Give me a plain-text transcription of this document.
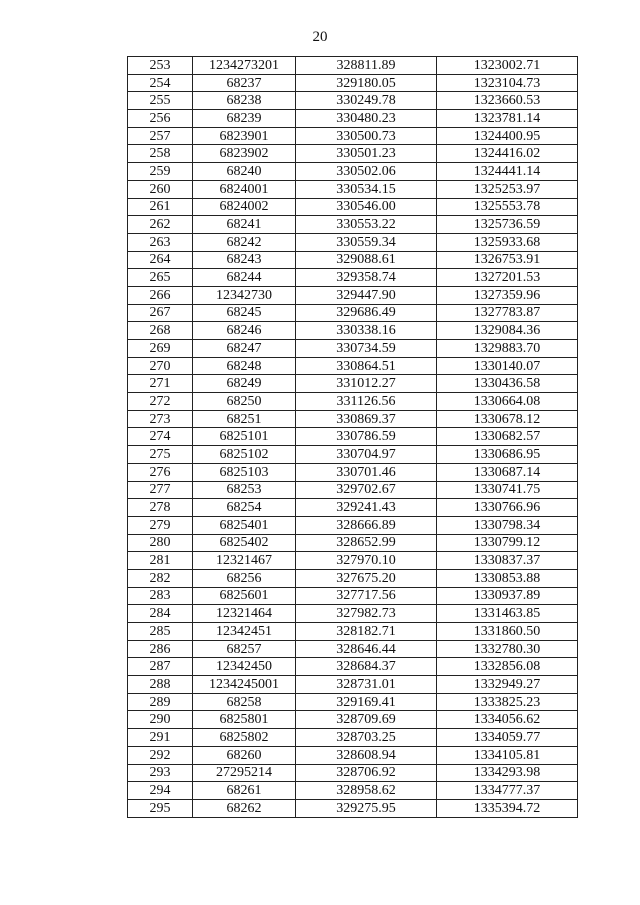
20
253	1234273201	328811.89	1323002.71
254	68237	329180.05	1323104.73
255	68238	330249.78	1323660.53
256	68239	330480.23	1323781.14
257	6823901	330500.73	1324400.95
258	6823902	330501.23	1324416.02
259	68240	330502.06	1324441.14
260	6824001	330534.15	1325253.97
261	6824002	330546.00	1325553.78
262	68241	330553.22	1325736.59
263	68242	330559.34	1325933.68
264	68243	329088.61	1326753.91
265	68244	329358.74	1327201.53
266	12342730	329447.90	1327359.96
267	68245	329686.49	1327783.87
268	68246	330338.16	1329084.36
269	68247	330734.59	1329883.70
270	68248	330864.51	1330140.07
271	68249	331012.27	1330436.58
272	68250	331126.56	1330664.08
273	68251	330869.37	1330678.12
274	6825101	330786.59	1330682.57
275	6825102	330704.97	1330686.95
276	6825103	330701.46	1330687.14
277	68253	329702.67	1330741.75
278	68254	329241.43	1330766.96
279	6825401	328666.89	1330798.34
280	6825402	328652.99	1330799.12
281	12321467	327970.10	1330837.37
282	68256	327675.20	1330853.88
283	6825601	327717.56	1330937.89
284	12321464	327982.73	1331463.85
285	12342451	328182.71	1331860.50
286	68257	328646.44	1332780.30
287	12342450	328684.37	1332856.08
288	1234245001	328731.01	1332949.27
289	68258	329169.41	1333825.23
290	6825801	328709.69	1334056.62
291	6825802	328703.25	1334059.77
292	68260	328608.94	1334105.81
293	27295214	328706.92	1334293.98
294	68261	328958.62	1334777.37
295	68262	329275.95	1335394.72
